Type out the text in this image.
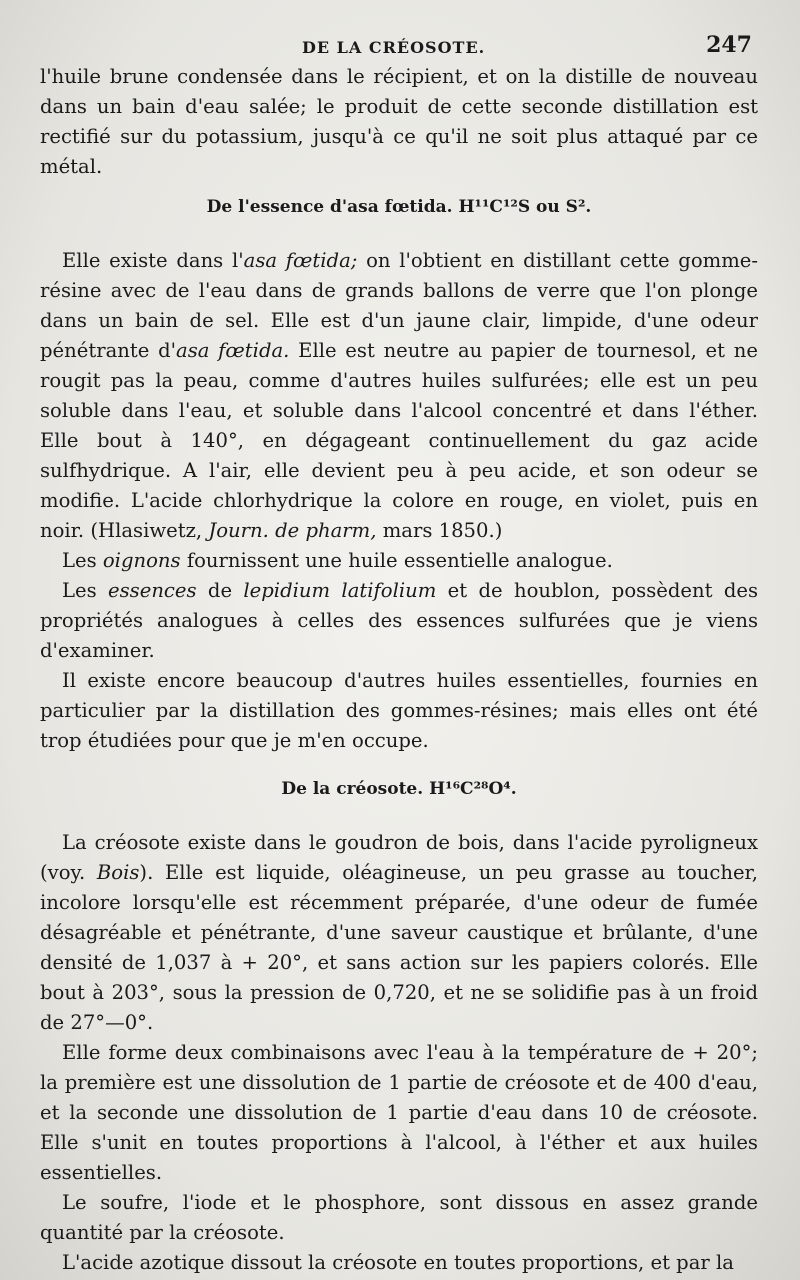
DE LA CRÉOSOTE.	247

l'huile brune condensée dans le récipient, et on la distille de nouveau dans un bain d'eau salée; le produit de cette seconde distillation est rectifié sur du potassium, jusqu'à ce qu'il ne soit plus attaqué par ce métal.

De l'essence d'asa fœtida. H¹¹C¹²S ou S².

Elle existe dans l'asa fœtida; on l'obtient en distillant cette gomme-résine avec de l'eau dans de grands ballons de verre que l'on plonge dans un bain de sel. Elle est d'un jaune clair, limpide, d'une odeur pénétrante d'asa fœtida. Elle est neutre au papier de tournesol, et ne rougit pas la peau, comme d'autres huiles sulfurées; elle est un peu soluble dans l'eau, et soluble dans l'alcool concentré et dans l'éther. Elle bout à 140°, en dégageant continuellement du gaz acide sulfhydrique. A l'air, elle devient peu à peu acide, et son odeur se modifie. L'acide chlorhydrique la colore en rouge, en violet, puis en noir. (Hlasiwetz, Journ. de pharm, mars 1850.)

Les oignons fournissent une huile essentielle analogue.

Les essences de lepidium latifolium et de houblon, possèdent des propriétés analogues à celles des essences sulfurées que je viens d'examiner.

Il existe encore beaucoup d'autres huiles essentielles, fournies en particulier par la distillation des gommes-résines; mais elles ont été trop étudiées pour que je m'en occupe.

De la créosote. H¹⁶C²⁸O⁴.

La créosote existe dans le goudron de bois, dans l'acide pyroligneux (voy. Bois). Elle est liquide, oléagineuse, un peu grasse au toucher, incolore lorsqu'elle est récemment préparée, d'une odeur de fumée désagréable et pénétrante, d'une saveur caustique et brûlante, d'une densité de 1,037 à + 20°, et sans action sur les papiers colorés. Elle bout à 203°, sous la pression de 0,720, et ne se solidifie pas à un froid de 27°—0°.

Elle forme deux combinaisons avec l'eau à la température de + 20°; la première est une dissolution de 1 partie de créosote et de 400 d'eau, et la seconde une dissolution de 1 partie d'eau dans 10 de créosote. Elle s'unit en toutes proportions à l'alcool, à l'éther et aux huiles essentielles.

Le soufre, l'iode et le phosphore, sont dissous en assez grande quantité par la créosote.

L'acide azotique dissout la créosote en toutes proportions, et par la
